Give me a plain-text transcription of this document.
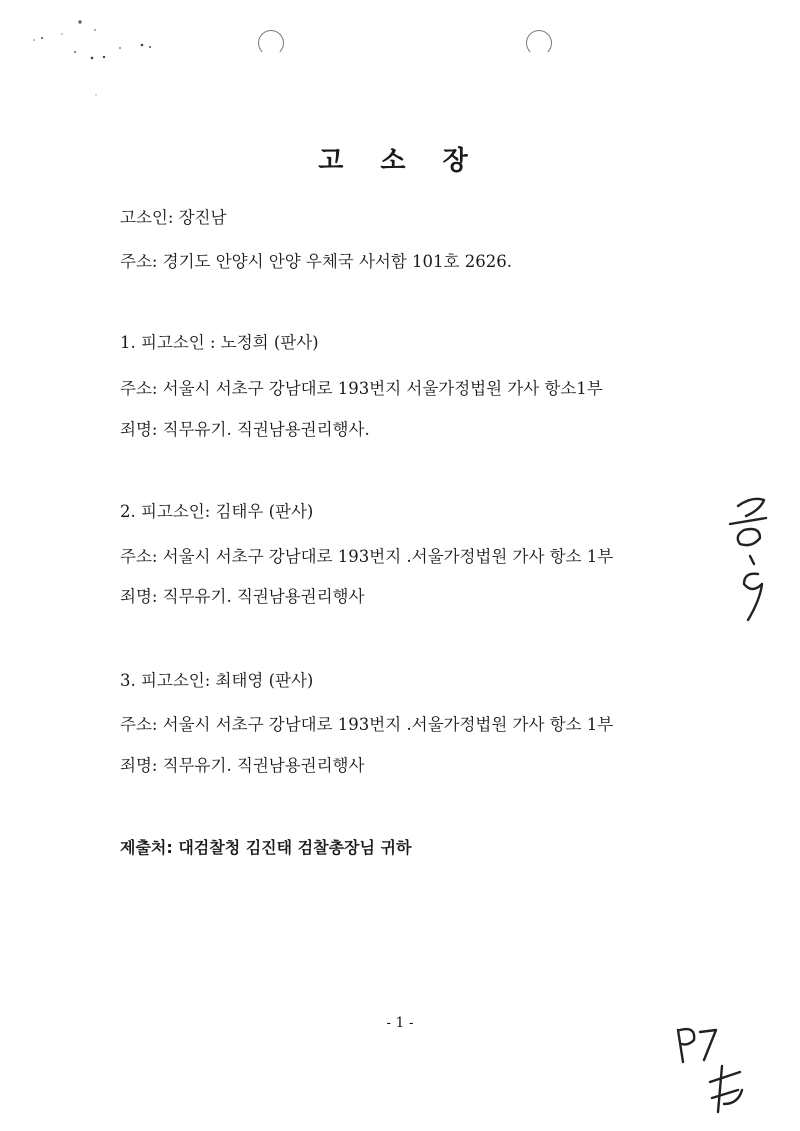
고 소 장
고소인: 장진남
주소: 경기도 안양시 안양 우체국 사서함 101호 2626.
1. 피고소인 : 노정희 (판사)
주소: 서울시 서초구 강남대로 193번지 서울가정법원 가사 항소1부
죄명: 직무유기. 직권남용권리행사.
2. 피고소인: 김태우 (판사)
주소: 서울시 서초구 강남대로 193번지 .서울가정법원 가사 항소 1부
죄명: 직무유기. 직권남용권리행사
3. 피고소인: 최태영 (판사)
주소: 서울시 서초구 강남대로 193번지 .서울가정법원 가사 항소 1부
죄명: 직무유기. 직권남용권리행사
제출처: 대검찰청 김진태 검찰총장님 귀하
- 1 -
